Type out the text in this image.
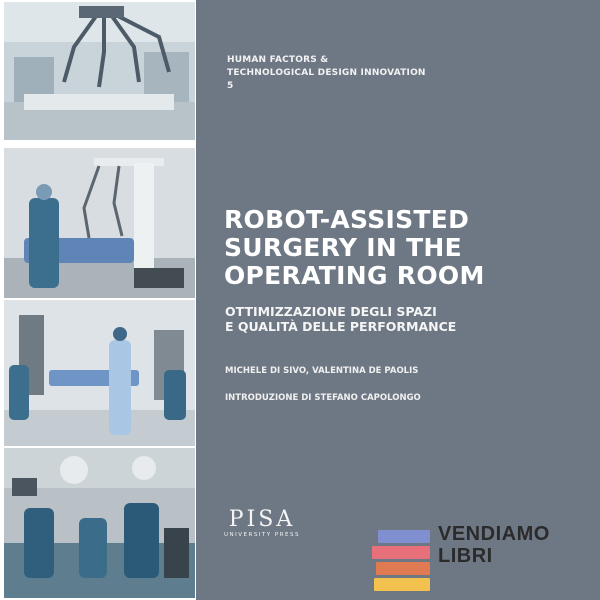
HUMAN FACTORS &
TECHNOLOGICAL DESIGN INNOVATION
5
ROBOT-ASSISTED
SURGERY IN THE
OPERATING ROOM
OTTIMIZZAZIONE DEGLI SPAZI
E QUALITÀ DELLE PERFORMANCE
MICHELE DI SIVO, VALENTINA DE PAOLIS
INTRODUZIONE DI STEFANO CAPOLONGO
PISA
UNIVERSITY PRESS	VENDIAMO
LIBRI
